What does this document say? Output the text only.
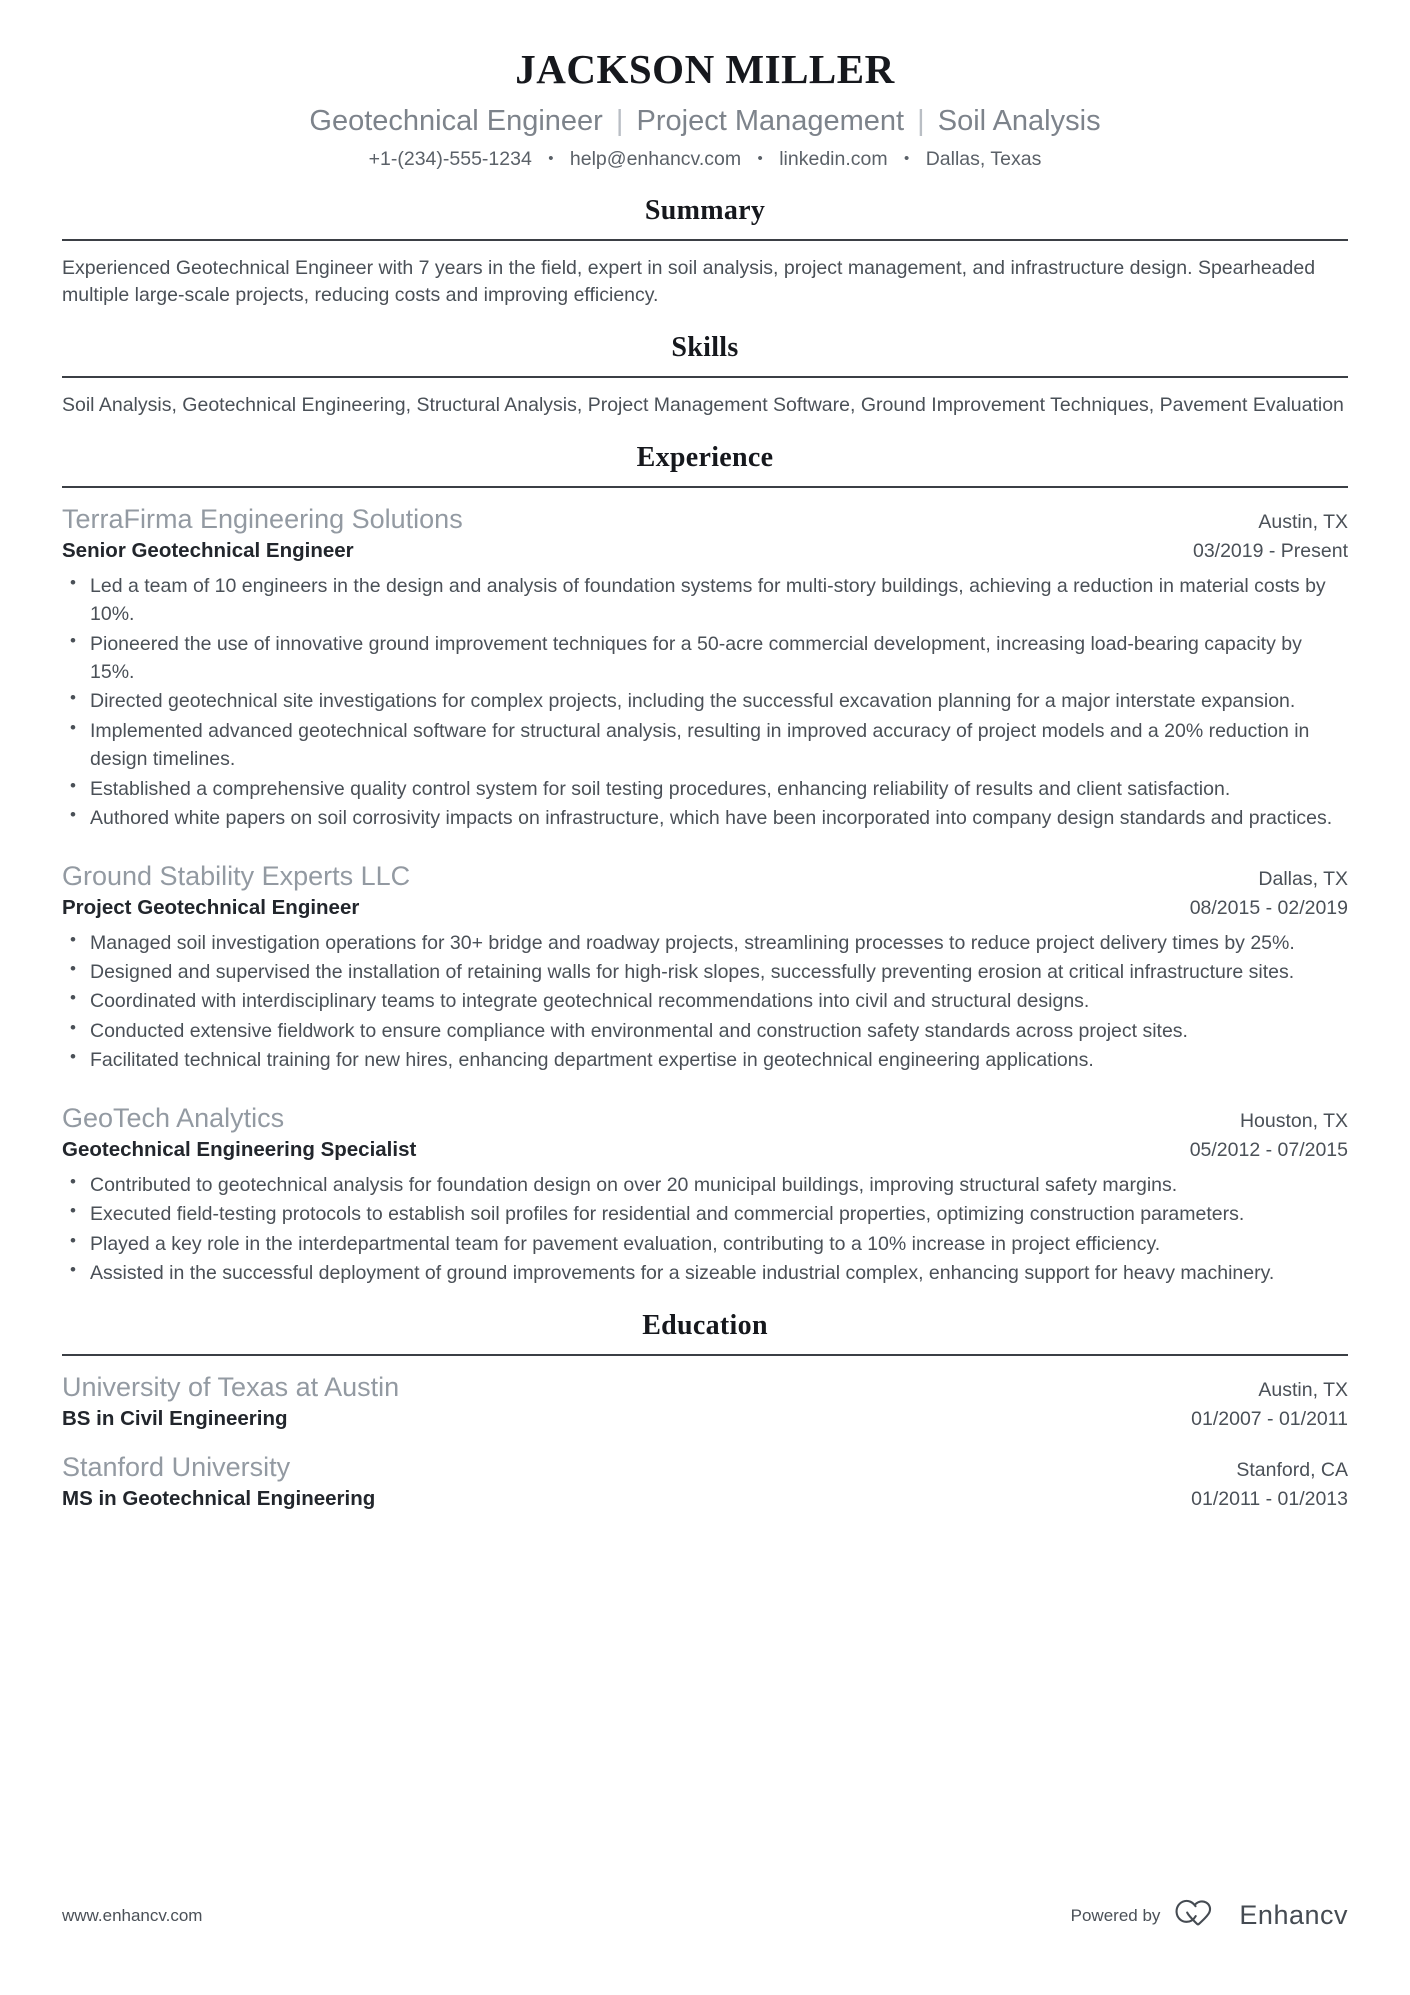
JACKSON MILLER
Geotechnical Engineer | Project Management | Soil Analysis
+1-(234)-555-1234 • help@enhancv.com • linkedin.com • Dallas, Texas
Summary

Experienced Geotechnical Engineer with 7 years in the field, expert in soil analysis, project management, and infrastructure design. Spearheaded multiple large-scale projects, reducing costs and improving efficiency.

Skills

Soil Analysis, Geotechnical Engineering, Structural Analysis, Project Management Software, Ground Improvement Techniques, Pavement Evaluation

Experience
TerraFirma Engineering Solutions	Austin, TX
Senior Geotechnical Engineer	03/2019 - Present
• Led a team of 10 engineers in the design and analysis of foundation systems for multi-story buildings, achieving a reduction in material costs by 10%.
• Pioneered the use of innovative ground improvement techniques for a 50-acre commercial development, increasing load-bearing capacity by 15%.
• Directed geotechnical site investigations for complex projects, including the successful excavation planning for a major interstate expansion.
• Implemented advanced geotechnical software for structural analysis, resulting in improved accuracy of project models and a 20% reduction in design timelines.
• Established a comprehensive quality control system for soil testing procedures, enhancing reliability of results and client satisfaction.
• Authored white papers on soil corrosivity impacts on infrastructure, which have been incorporated into company design standards and practices.
Ground Stability Experts LLC	Dallas, TX
Project Geotechnical Engineer	08/2015 - 02/2019
• Managed soil investigation operations for 30+ bridge and roadway projects, streamlining processes to reduce project delivery times by 25%.
• Designed and supervised the installation of retaining walls for high-risk slopes, successfully preventing erosion at critical infrastructure sites.
• Coordinated with interdisciplinary teams to integrate geotechnical recommendations into civil and structural designs.
• Conducted extensive fieldwork to ensure compliance with environmental and construction safety standards across project sites.
• Facilitated technical training for new hires, enhancing department expertise in geotechnical engineering applications.
GeoTech Analytics	Houston, TX
Geotechnical Engineering Specialist	05/2012 - 07/2015
• Contributed to geotechnical analysis for foundation design on over 20 municipal buildings, improving structural safety margins.
• Executed field-testing protocols to establish soil profiles for residential and commercial properties, optimizing construction parameters.
• Played a key role in the interdepartmental team for pavement evaluation, contributing to a 10% increase in project efficiency.
• Assisted in the successful deployment of ground improvements for a sizeable industrial complex, enhancing support for heavy machinery.
Education
University of Texas at Austin	Austin, TX
BS in Civil Engineering	01/2007 - 01/2011
Stanford University	Stanford, CA
MS in Geotechnical Engineering	01/2011 - 01/2013
www.enhancv.com	Powered by	Enhancv
